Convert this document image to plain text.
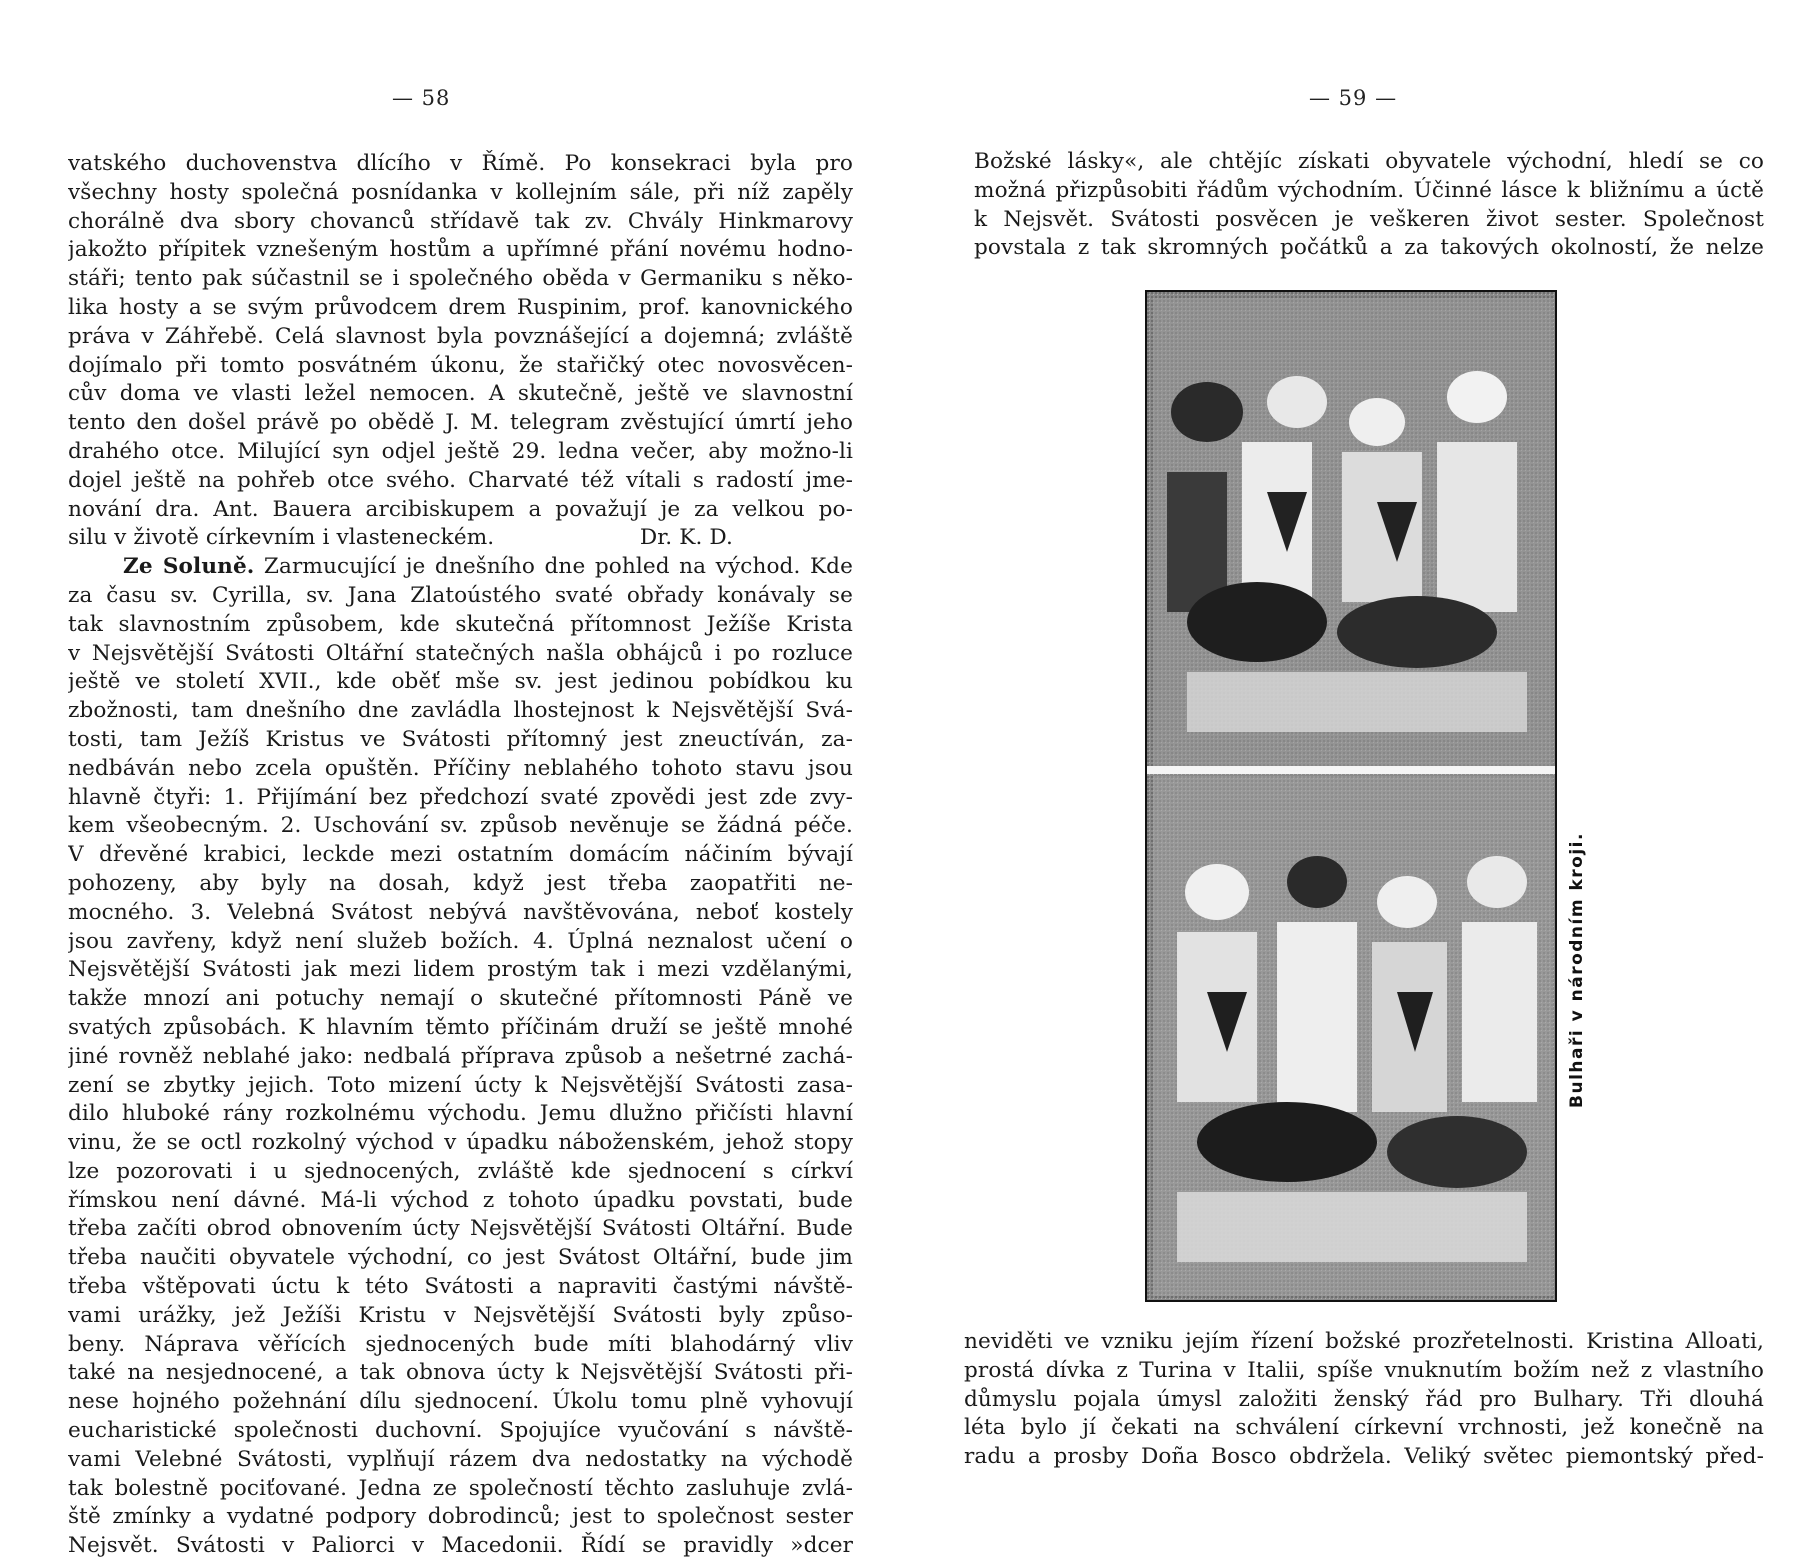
— 58
vatského duchovenstva dlícího v Římě. Po konsekraci byla pro
všechny hosty společná posnídanka v kollejním sále, při níž zapěly
chorálně dva sbory chovanců střídavě tak zv. Chvály Hinkmarovy
jakožto přípitek vznešeným hostům a upřímné přání novému hodno-
stáři; tento pak súčastnil se i společného oběda v Germaniku s něko-
lika hosty a se svým průvodcem drem Ruspinim, prof. kanovnického
práva v Záhřebě. Celá slavnost byla povznášející a dojemná; zvláště
dojímalo při tomto posvátném úkonu, že stařičký otec novosvěcen-
cův doma ve vlasti ležel nemocen. A skutečně, ještě ve slavnostní
tento den došel právě po obědě J. M. telegram zvěstující úmrtí jeho
drahého otce. Milující syn odjel ještě 29. ledna večer, aby možno-li
dojel ještě na pohřeb otce svého. Charvaté též vítali s radostí jme-
nování dra. Ant. Bauera arcibiskupem a považují je za velkou po-
silu v životě církevním i vlasteneckém.	Dr. K. D.
Ze Soluně. Zarmucující je dnešního dne pohled na východ. Kde
za času sv. Cyrilla, sv. Jana Zlatoústého svaté obřady konávaly se
tak slavnostním způsobem, kde skutečná přítomnost Ježíše Krista
v Nejsvětější Svátosti Oltářní statečných našla obhájců i po rozluce
ještě ve století XVII., kde oběť mše sv. jest jedinou pobídkou ku
zbožnosti, tam dnešního dne zavládla lhostejnost k Nejsvětější Svá-
tosti, tam Ježíš Kristus ve Svátosti přítomný jest zneuctíván, za-
nedbáván nebo zcela opuštěn. Příčiny neblahého tohoto stavu jsou
hlavně čtyři: 1. Přijímání bez předchozí svaté zpovědi jest zde zvy-
kem všeobecným. 2. Uschování sv. způsob nevěnuje se žádná péče.
V dřevěné krabici, leckde mezi ostatním domácím náčiním bývají
pohozeny, aby byly na dosah, když jest třeba zaopatřiti ne-
mocného. 3. Velebná Svátost nebývá navštěvována, neboť kostely
jsou zavřeny, když není služeb božích. 4. Úplná neznalost učení o
Nejsvětější Svátosti jak mezi lidem prostým tak i mezi vzdělanými,
takže mnozí ani potuchy nemají o skutečné přítomnosti Páně ve
svatých způsobách. K hlavním těmto příčinám druží se ještě mnohé
jiné rovněž neblahé jako: nedbalá příprava způsob a nešetrné zachá-
zení se zbytky jejich. Toto mizení úcty k Nejsvětější Svátosti zasa-
dilo hluboké rány rozkolnému východu. Jemu dlužno přičísti hlavní
vinu, že se octl rozkolný východ v úpadku náboženském, jehož stopy
lze pozorovati i u sjednocených, zvláště kde sjednocení s církví
římskou není dávné. Má-li východ z tohoto úpadku povstati, bude
třeba začíti obrod obnovením úcty Nejsvětější Svátosti Oltářní. Bude
třeba naučiti obyvatele východní, co jest Svátost Oltářní, bude jim
třeba vštěpovati úctu k této Svátosti a napraviti častými návště-
vami urážky, jež Ježíši Kristu v Nejsvětější Svátosti byly způso-
beny. Náprava věřících sjednocených bude míti blahodárný vliv
také na nesjednocené, a tak obnova úcty k Nejsvětější Svátosti při-
nese hojného požehnání dílu sjednocení. Úkolu tomu plně vyhovují
eucharistické společnosti duchovní. Spojujíce vyučování s návště-
vami Velebné Svátosti, vyplňují rázem dva nedostatky na východě
tak bolestně pociťované. Jedna ze společností těchto zasluhuje zvlá-
ště zmínky a vydatné podpory dobrodinců; jest to společnost sester
Nejsvět. Svátosti v Paliorci v Macedonii. Řídí se pravidly »dcer
— 59 —
Božské lásky«, ale chtějíc získati obyvatele východní, hledí se co
možná přizpůsobiti řádům východním. Účinné lásce k bližnímu a úctě
k Nejsvět. Svátosti posvěcen je veškeren život sester. Společnost
povstala z tak skromných počátků a za takových okolností, že nelze
Bulhaři v národním kroji.
neviděti ve vzniku jejím řízení božské prozřetelnosti. Kristina Alloati,
prostá dívka z Turina v Italii, spíše vnuknutím božím než z vlastního
důmyslu pojala úmysl založiti ženský řád pro Bulhary. Tři dlouhá
léta bylo jí čekati na schválení církevní vrchnosti, jež konečně na
radu a prosby Doña Bosco obdržela. Veliký světec piemontský před-
